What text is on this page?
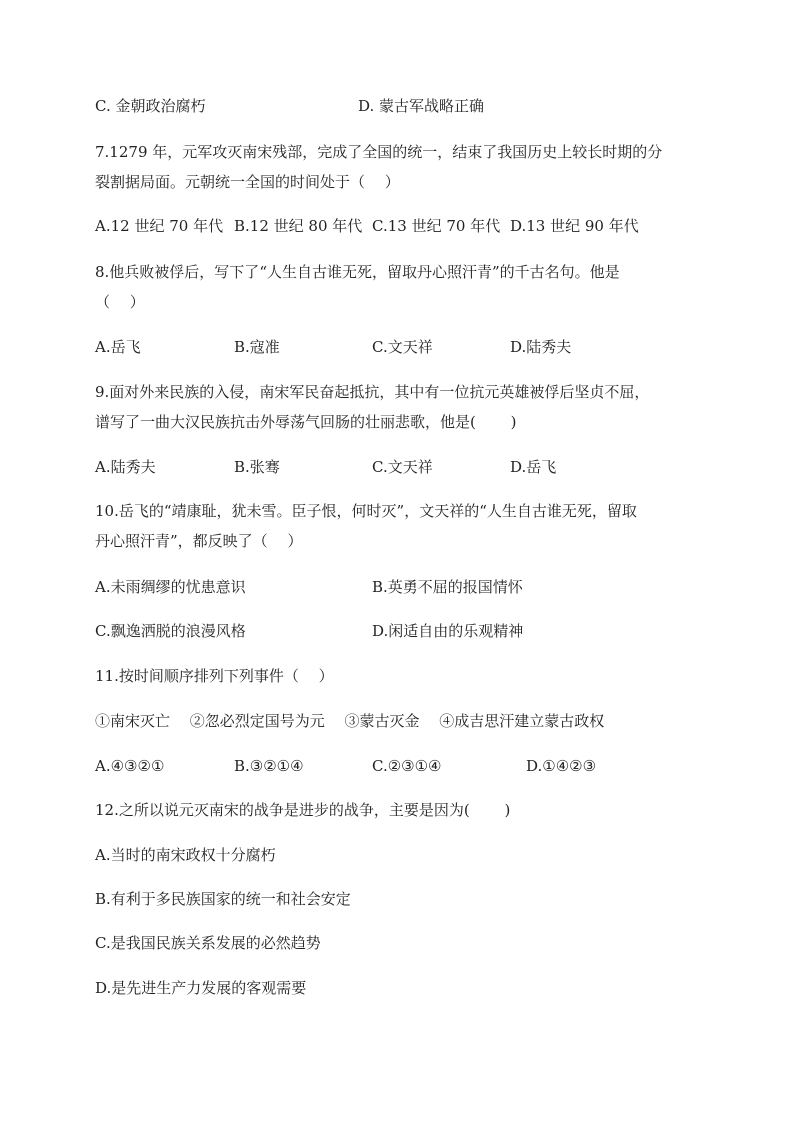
C. 金朝政治腐朽	D. 蒙古军战略正确
7.1279 年，元军攻灭南宋残部，完成了全国的统一，结束了我国历史上较长时期的分
裂割据局面。元朝统一全国的时间处于（　 ）
A.12 世纪 70 年代 B.12 世纪 80 年代 C.13 世纪 70 年代 D.13 世纪 90 年代
8.他兵败被俘后，写下了“人生自古谁无死，留取丹心照汗青”的千古名句。他是
（　 ）
A.岳飞	B.寇准	C.文天祥	D.陆秀夫
9.面对外来民族的入侵，南宋军民奋起抵抗，其中有一位抗元英雄被俘后坚贞不屈，
谱写了一曲大汉民族抗击外辱荡气回肠的壮丽悲歌，他是(　 　)
A.陆秀夫	B.张骞	C.文天祥	D.岳飞
10.岳飞的“靖康耻，犹未雪。臣子恨，何时灭”，文天祥的“人生自古谁无死，留取
丹心照汗青”，都反映了（　 ）
A.未雨绸缪的忧患意识	B.英勇不屈的报国情怀
C.飘逸洒脱的浪漫风格	D.闲适自由的乐观精神
11.按时间顺序排列下列事件（　 ）
①南宋灭亡　 ②忽必烈定国号为元　 ③蒙古灭金　 ④成吉思汗建立蒙古政权
A.④③②①	B.③②①④	C.②③①④	D.①④②③
12.之所以说元灭南宋的战争是进步的战争，主要是因为(　 　)
A.当时的南宋政权十分腐朽
B.有利于多民族国家的统一和社会安定
C.是我国民族关系发展的必然趋势
D.是先进生产力发展的客观需要
